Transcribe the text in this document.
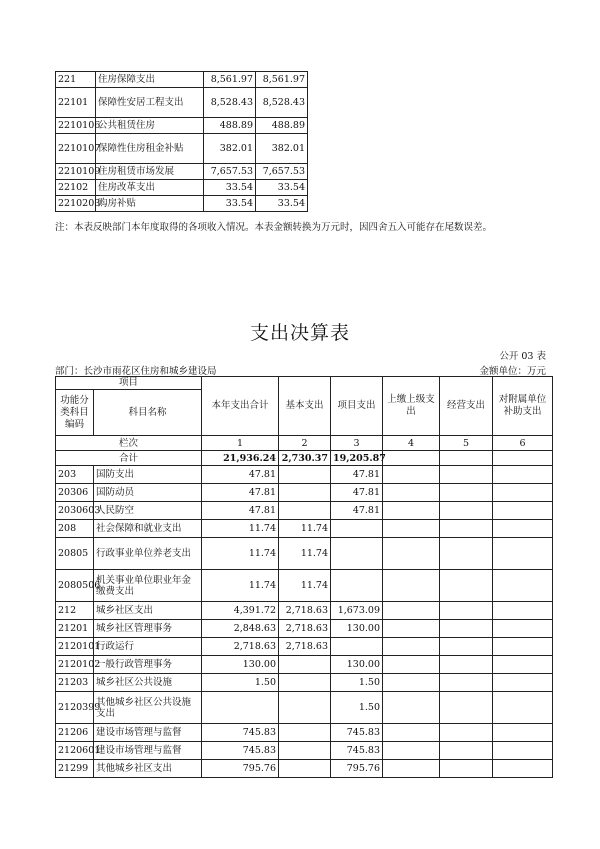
221	住房保障支出	8,561.97	8,561.97
22101	保障性安居工程支出	8,528.43	8,528.43
2210106	公共租赁住房	488.89	488.89
2210107	保障性住房租金补贴	382.01	382.01
2210109	住房租赁市场发展	7,657.53	7,657.53
22102	住房改革支出	33.54	33.54
2210203	购房补贴	33.54	33.54
注：本表反映部门本年度取得的各项收入情况。本表金额转换为万元时，因四舍五入可能存在尾数误差。
支出决算表
公开 03 表
部门：长沙市雨花区住房和城乡建设局	金额单位：万元
项目		本年支出合计	基本支出	项目支出	上缴上级支出	经营支出	对附属单位补助支出
功能分类科目编码	科目名称						
栏次		1	2	3	4	5	6
合计		21,936.24	2,730.37	19,205.87			
203	国防支出	47.81		47.81			
20306	国防动员	47.81		47.81			
2030603	人民防空	47.81		47.81			
208	社会保障和就业支出	11.74	11.74				
20805	行政事业单位养老支出	11.74	11.74				
2080506	机关事业单位职业年金缴费支出	11.74	11.74				
212	城乡社区支出	4,391.72	2,718.63	1,673.09			
21201	城乡社区管理事务	2,848.63	2,718.63	130.00			
2120101	行政运行	2,718.63	2,718.63				
2120102	一般行政管理事务	130.00		130.00			
21203	城乡社区公共设施	1.50		1.50			
2120399	其他城乡社区公共设施支出			1.50			
21206	建设市场管理与监督	745.83		745.83			
2120601	建设市场管理与监督	745.83		745.83			
21299	其他城乡社区支出	795.76		795.76			
